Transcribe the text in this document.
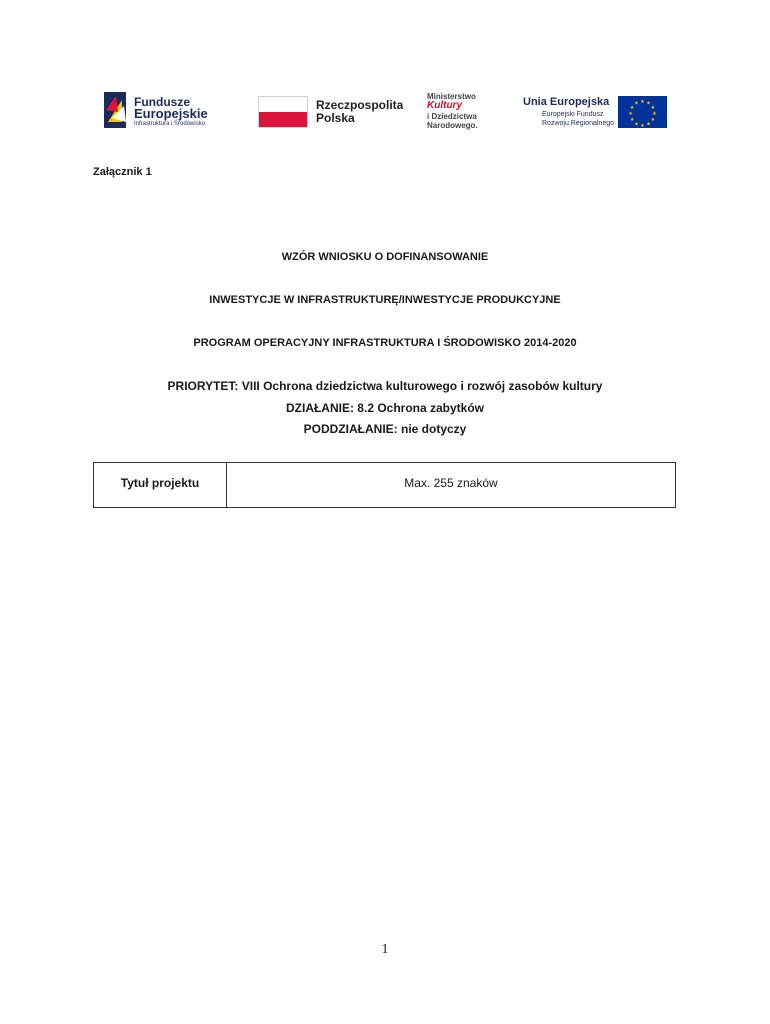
Fundusze
Europejskie
Infrastruktura i Środowisko
Rzeczpospolita
Polska
Ministerstwo
Kultury
i Dziedzictwa
Narodowego.
Unia Europejska
Europejski Fundusz
Rozwoju Regionalnego
★ ★
★
★
★
★
★
★
★
★
★
★
Załącznik 1
WZÓR WNIOSKU O DOFINANSOWANIE
INWESTYCJE W INFRASTRUKTURĘ/INWESTYCJE PRODUKCYJNE
PROGRAM OPERACYJNY INFRASTRUKTURA I ŚRODOWISKO 2014-2020
PRIORYTET: VIII Ochrona dziedzictwa kulturowego i rozwój zasobów kultury
DZIAŁANIE: 8.2 Ochrona zabytków
PODDZIAŁANIE: nie dotyczy
Tytuł projektu	Max. 255 znaków
1
